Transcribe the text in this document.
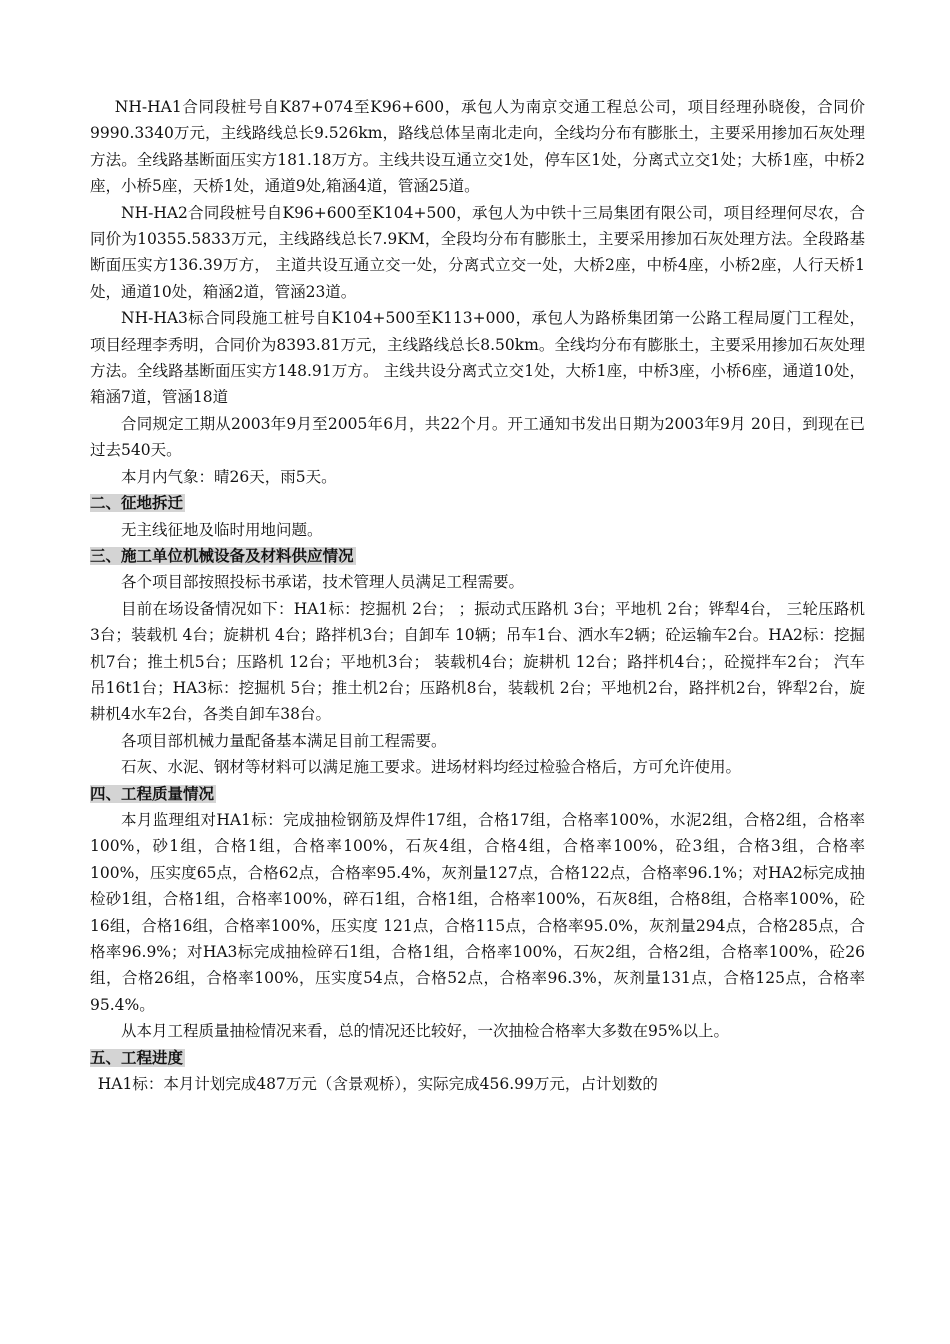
NH-HA1合同段桩号自K87+074至K96+600，承包人为南京交通工程总公司，项目经理孙晓俊，合同价9990.3340万元，主线路线总长9.526km，路线总体呈南北走向，全线均分布有膨胀土，主要采用掺加石灰处理方法。全线路基断面压实方181.18万方。主线共设互通立交1处，停车区1处，分离式立交1处；大桥1座，中桥2座，小桥5座，天桥1处，通道9处,箱涵4道，管涵25道。

NH-HA2合同段桩号自K96+600至K104+500，承包人为中铁十三局集团有限公司，项目经理何尽农，合同价为10355.5833万元，主线路线总长7.9KM，全段均分布有膨胀土，主要采用掺加石灰处理方法。全段路基断面压实方136.39万方， 主道共设互通立交一处，分离式立交一处，大桥2座，中桥4座，小桥2座，人行天桥1处，通道10处，箱涵2道，管涵23道。

NH-HA3标合同段施工桩号自K104+500至K113+000，承包人为路桥集团第一公路工程局厦门工程处，项目经理李秀明，合同价为8393.81万元，主线路线总长8.50km。全线均分布有膨胀土，主要采用掺加石灰处理方法。全线路基断面压实方148.91万方。 主线共设分离式立交1处，大桥1座，中桥3座，小桥6座，通道10处，箱涵7道，管涵18道

合同规定工期从2003年9月至2005年6月，共22个月。开工通知书发出日期为2003年9月 20日，到现在已过去540天。

本月内气象：晴26天，雨5天。

二、征地拆迁

无主线征地及临时用地问题。

三、施工单位机械设备及材料供应情况

各个项目部按照投标书承诺，技术管理人员满足工程需要。

目前在场设备情况如下：HA1标：挖掘机 2台； ；振动式压路机 3台；平地机 2台；铧犁4台， 三轮压路机 3台；装载机 4台；旋耕机 4台；路拌机3台；自卸车 10辆；吊车1台、洒水车2辆；砼运输车2台。HA2标：挖掘机7台；推土机5台；压路机 12台；平地机3台； 装载机4台；旋耕机 12台；路拌机4台；，砼搅拌车2台； 汽车吊16t1台；HA3标：挖掘机 5台；推土机2台；压路机8台，装载机 2台；平地机2台，路拌机2台，铧犁2台，旋耕机4水车2台，各类自卸车38台。

各项目部机械力量配备基本满足目前工程需要。

石灰、水泥、钢材等材料可以满足施工要求。进场材料均经过检验合格后，方可允许使用。

四、工程质量情况

本月监理组对HA1标：完成抽检钢筋及焊件17组，合格17组，合格率100%，水泥2组，合格2组，合格率100%，砂1组，合格1组，合格率100%，石灰4组，合格4组，合格率100%，砼3组，合格3组，合格率100%，压实度65点，合格62点，合格率95.4%，灰剂量127点，合格122点，合格率96.1%；对HA2标完成抽检砂1组，合格1组，合格率100%，碎石1组，合格1组，合格率100%，石灰8组，合格8组，合格率100%，砼16组，合格16组，合格率100%，压实度 121点，合格115点，合格率95.0%，灰剂量294点，合格285点，合格率96.9%；对HA3标完成抽检碎石1组，合格1组，合格率100%，石灰2组，合格2组，合格率100%，砼26组，合格26组，合格率100%，压实度54点，合格52点，合格率96.3%，灰剂量131点，合格125点，合格率95.4%。

从本月工程质量抽检情况来看，总的情况还比较好，一次抽检合格率大多数在95%以上。

五、工程进度

HA1标：本月计划完成487万元（含景观桥），实际完成456.99万元，占计划数的
